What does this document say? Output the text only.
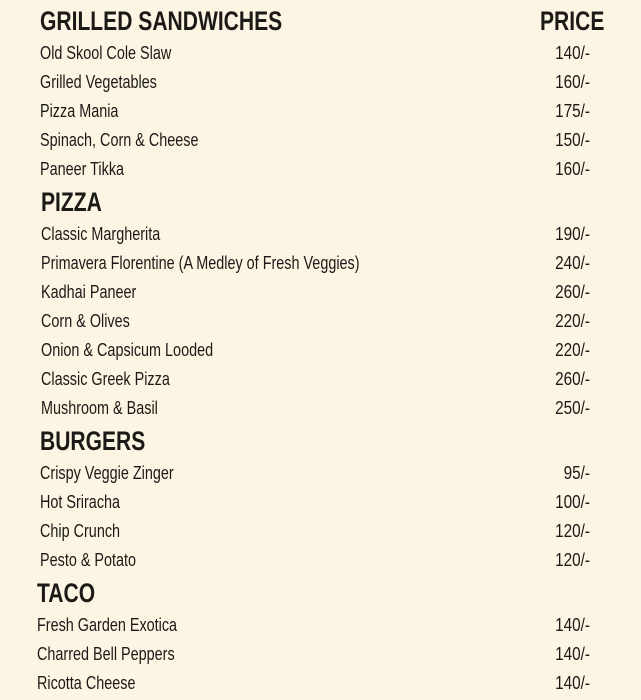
GRILLED SANDWICHES	PRICE
Old Skool Cole Slaw	140/-
Grilled Vegetables	160/-
Pizza Mania	175/-
Spinach, Corn & Cheese	150/-
Paneer Tikka	160/-
PIZZA
Classic Margherita	190/-
Primavera Florentine (A Medley of Fresh Veggies)	240/-
Kadhai Paneer	260/-
Corn & Olives	220/-
Onion & Capsicum Looded	220/-
Classic Greek Pizza	260/-
Mushroom & Basil	250/-
BURGERS
Crispy Veggie Zinger	95/-
Hot Sriracha	100/-
Chip Crunch	120/-
Pesto & Potato	120/-
TACO
Fresh Garden Exotica	140/-
Charred Bell Peppers	140/-
Ricotta Cheese	140/-
